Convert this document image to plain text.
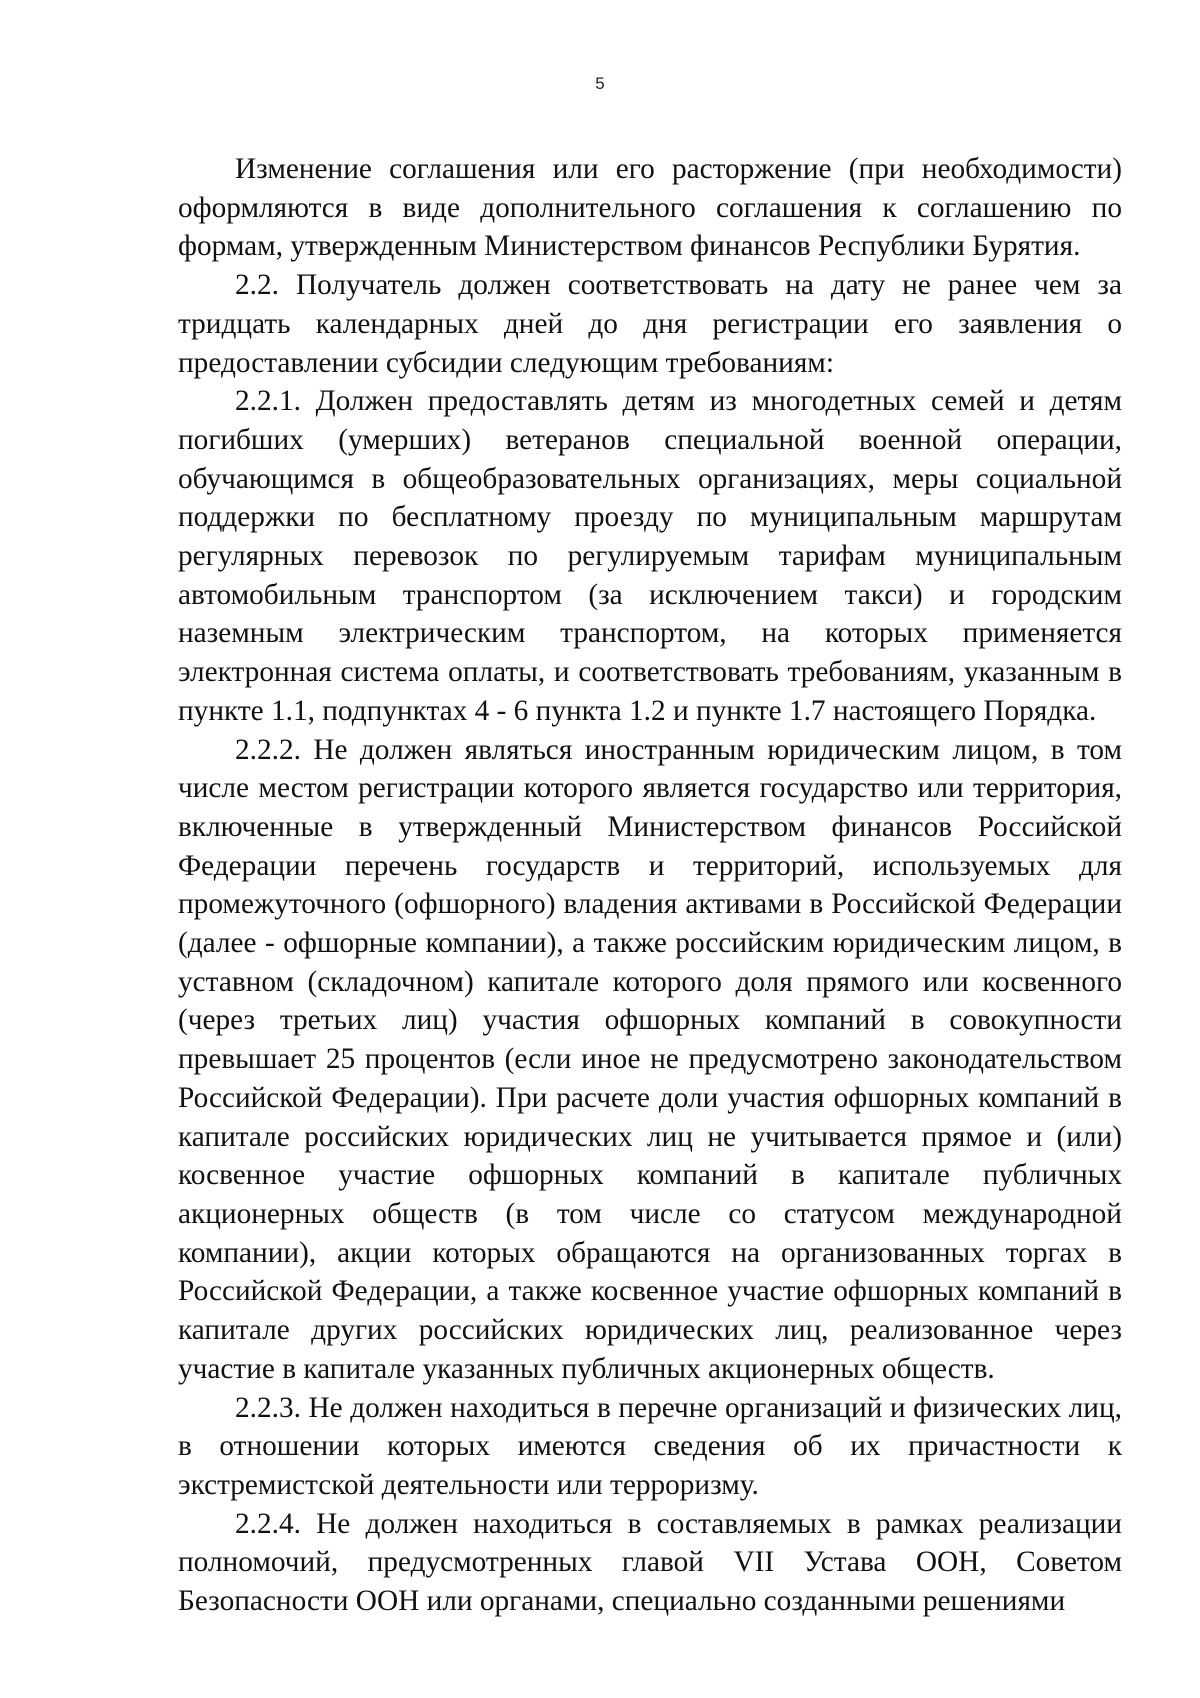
5

Изменение соглашения или его расторжение (при необходимости) оформляются в виде дополнительного соглашения к соглашению по формам, утвержденным Министерством финансов Республики Бурятия.

2.2. Получатель должен соответствовать на дату не ранее чем за тридцать календарных дней до дня регистрации его заявления о предоставлении субсидии следующим требованиям:

2.2.1. Должен предоставлять детям из многодетных семей и детям погибших (умерших) ветеранов специальной военной операции, обучающимся в общеобразовательных организациях, меры социальной поддержки по бесплатному проезду по муниципальным маршрутам регулярных перевозок по регулируемым тарифам муниципальным автомобильным транспортом (за исключением такси) и городским наземным электрическим транспортом, на которых применяется электронная система оплаты, и соответствовать требованиям, указанным в пункте 1.1, подпунктах 4 - 6 пункта 1.2 и пункте 1.7 настоящего Порядка.

2.2.2. Не должен являться иностранным юридическим лицом, в том числе местом регистрации которого является государство или территория, включенные в утвержденный Министерством финансов Российской Федерации перечень государств и территорий, используемых для промежуточного (офшорного) владения активами в Российской Федерации (далее - офшорные компании), а также российским юридическим лицом, в уставном (складочном) капитале которого доля прямого или косвенного (через третьих лиц) участия офшорных компаний в совокупности превышает 25 процентов (если иное не предусмотрено законодательством Российской Федерации). При расчете доли участия офшорных компаний в капитале российских юридических лиц не учитывается прямое и (или) косвенное участие офшорных компаний в капитале публичных акционерных обществ (в том числе со статусом международной компании), акции которых обращаются на организованных торгах в Российской Федерации, а также косвенное участие офшорных компаний в капитале других российских юридических лиц, реализованное через участие в капитале указанных публичных акционерных обществ.

2.2.3. Не должен находиться в перечне организаций и физических лиц, в отношении которых имеются сведения об их причастности к экстремистской деятельности или терроризму.

2.2.4. Не должен находиться в составляемых в рамках реализации полномочий, предусмотренных главой VII Устава ООН, Советом Безопасности ООН или органами, специально созданными решениями
